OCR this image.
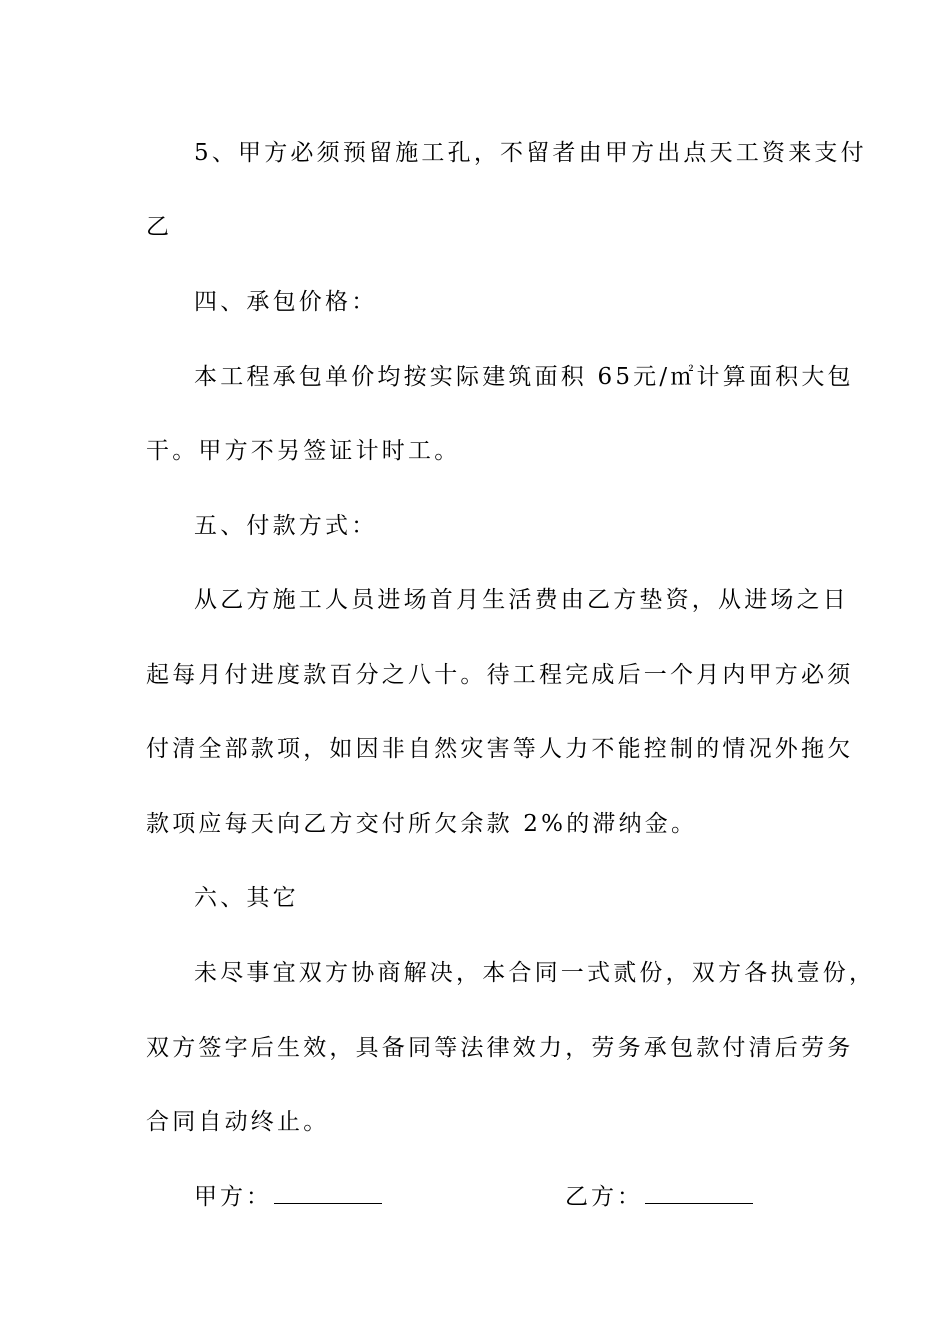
5、甲方必须预留施工孔，不留者由甲方出点天工资来支付
乙
四、承包价格：
本工程承包单价均按实际建筑面积 65元/㎡计算面积大包
干。甲方不另签证计时工。
五、付款方式：
从乙方施工人员进场首月生活费由乙方垫资，从进场之日
起每月付进度款百分之八十。待工程完成后一个月内甲方必须
付清全部款项，如因非自然灾害等人力不能控制的情况外拖欠
款项应每天向乙方交付所欠余款 2%的滞纳金。
六、其它
未尽事宜双方协商解决，本合同一式贰份，双方各执壹份，
双方签字后生效，具备同等法律效力，劳务承包款付清后劳务
合同自动终止。
甲方：	乙方：
